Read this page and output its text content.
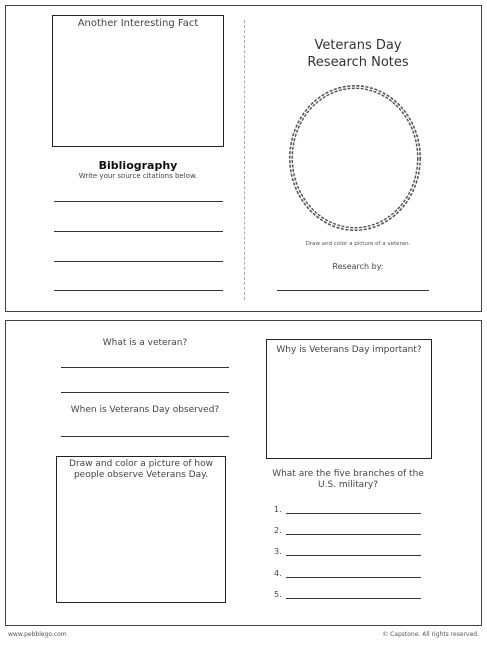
Another Interesting Fact
Bibliography
Write your source citations below.
Veterans Day
Research Notes
Draw and color a picture of a veteran.
Research by:
What is a veteran?
When is Veterans Day observed?
Draw and color a picture of how
people observe Veterans Day.
Why is Veterans Day important?
What are the five branches of the
U.S. military?
1.
2.
3.
4.
5.
www.pebblego.com	© Capstone. All rights reserved.
